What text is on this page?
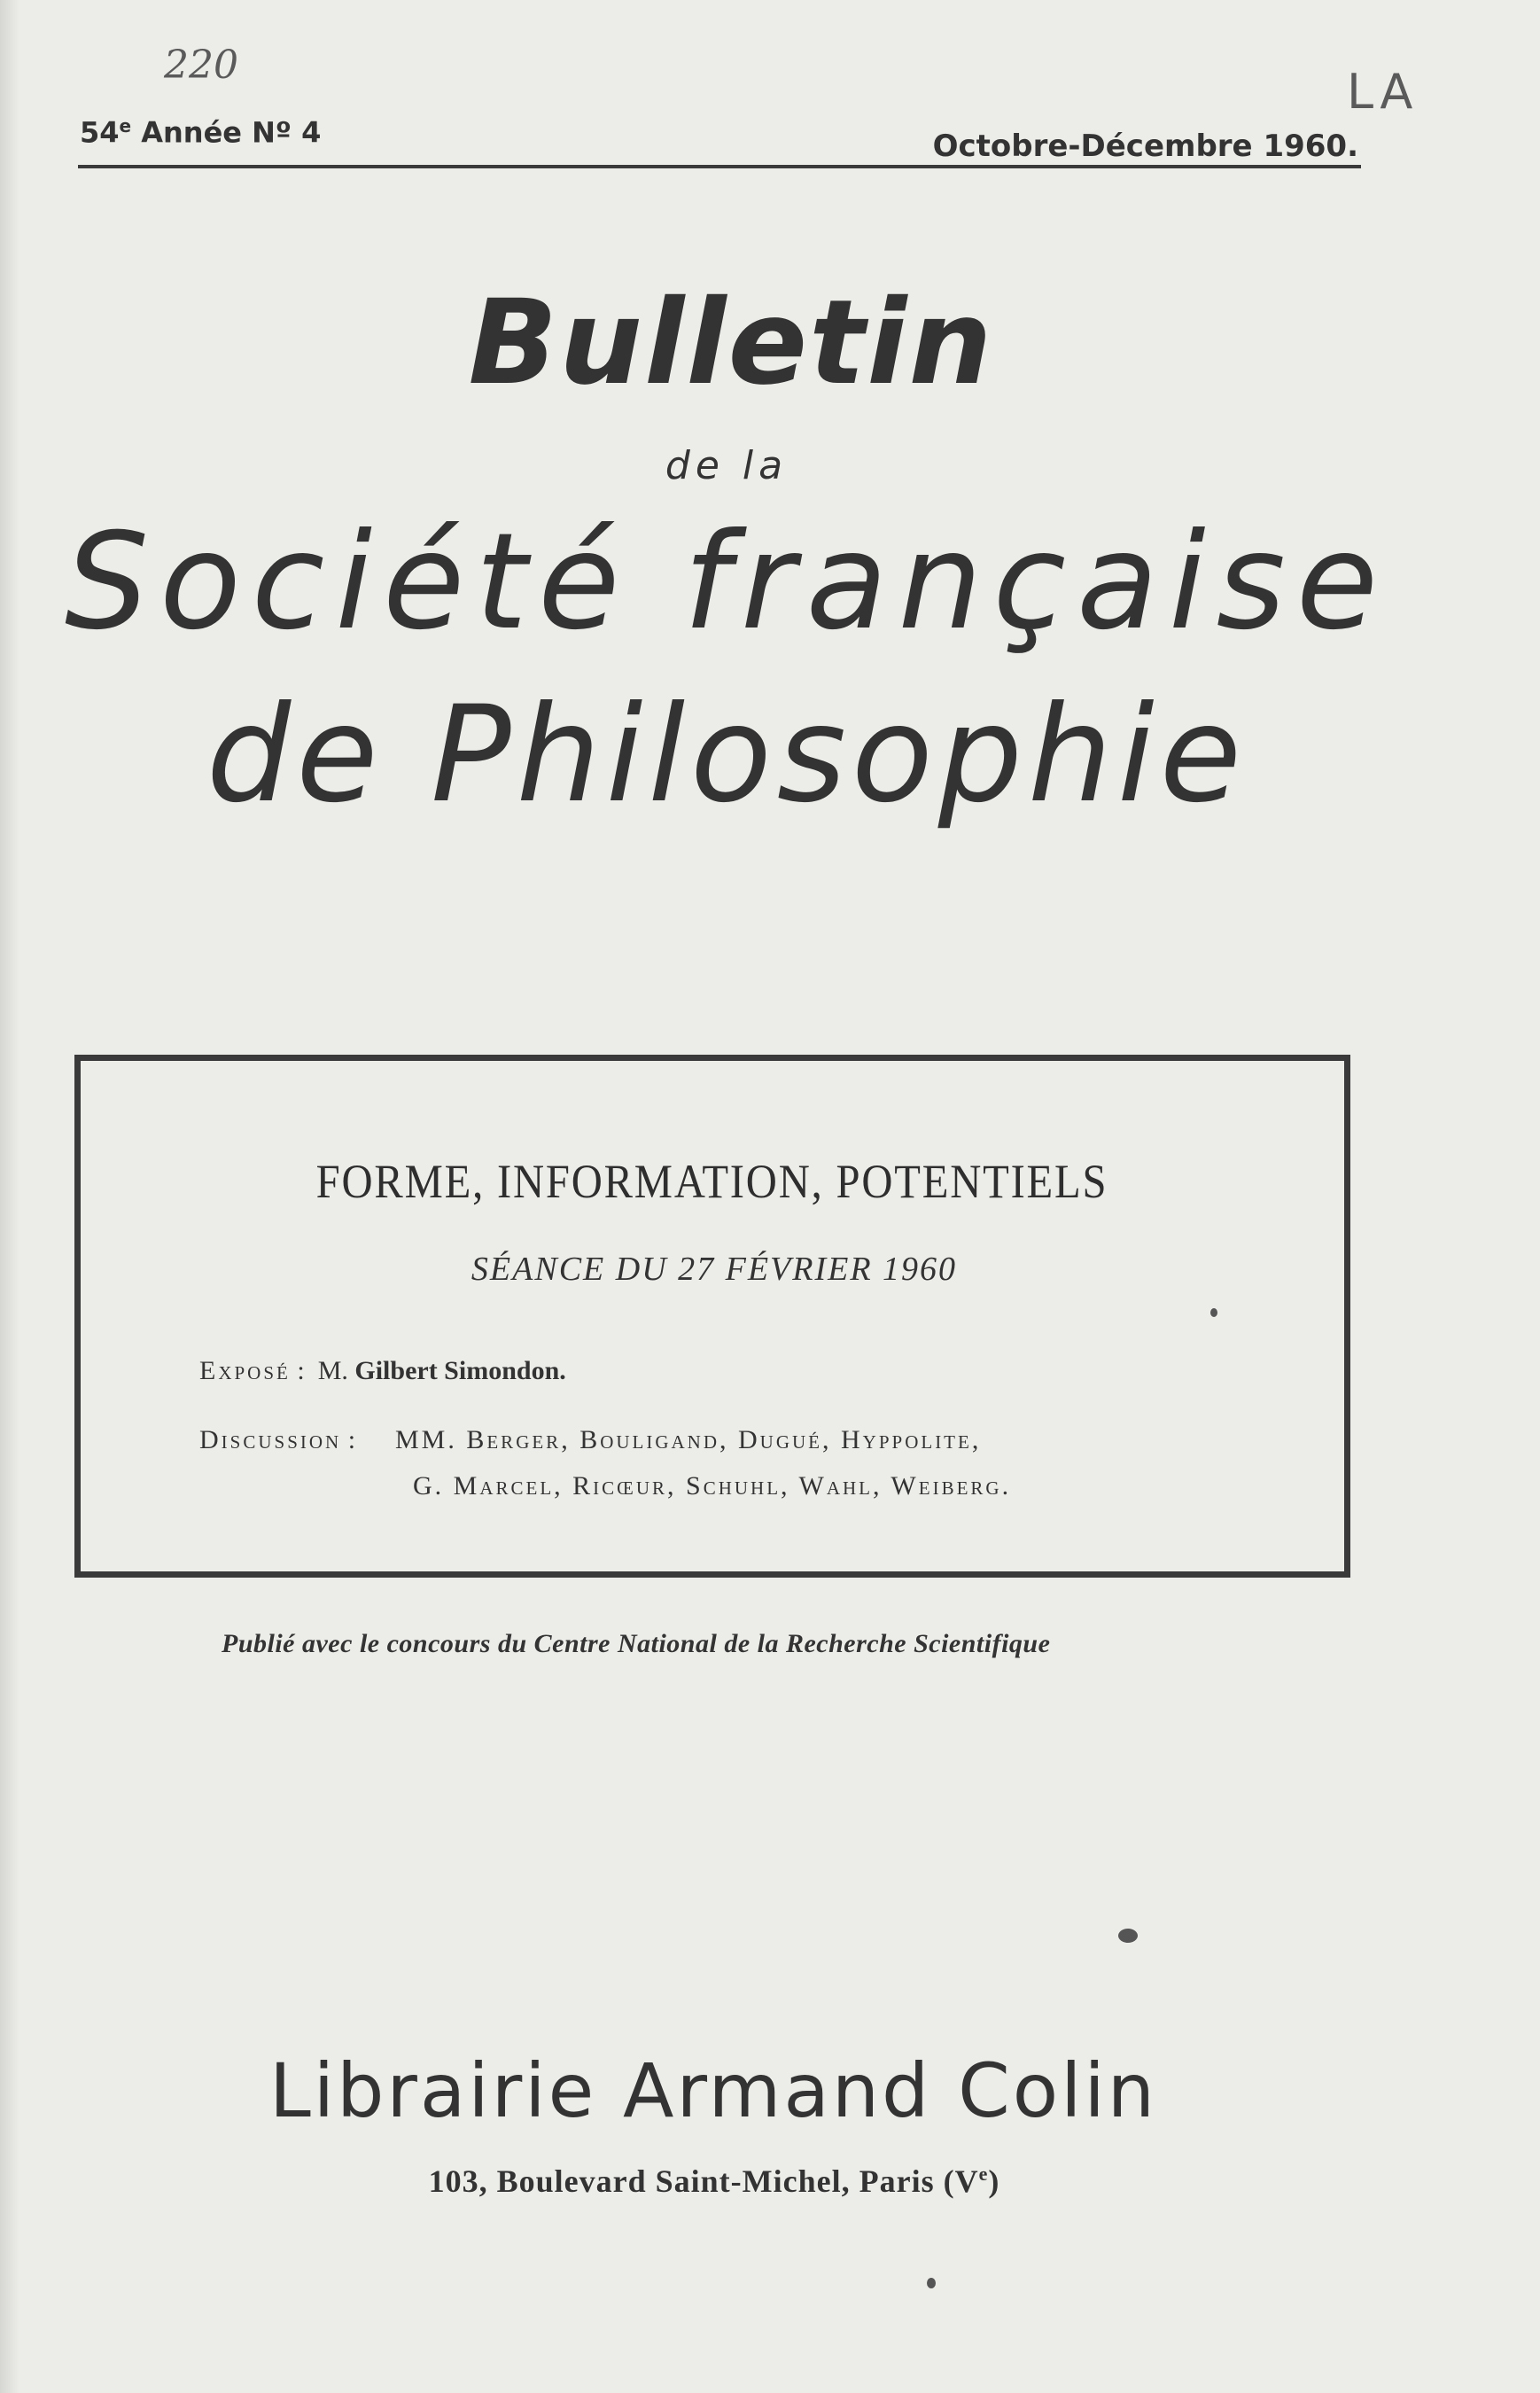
220	LA
54e Année Nº 4	Octobre-Décembre 1960.
Bulletin
de la
Société française
de Philosophie
FORME, INFORMATION, POTENTIELS
SÉANCE DU 27 FÉVRIER 1960
Exposé :  M. Gilbert Simondon.
Discussion : MM. Berger, Bouligand, Dugué, Hyppolite,
G. Marcel, Ricœur, Schuhl, Wahl, Weiberg.
Publié avec le concours du Centre National de la Recherche Scientifique
Librairie Armand Colin
103, Boulevard Saint-Michel, Paris (Ve)
